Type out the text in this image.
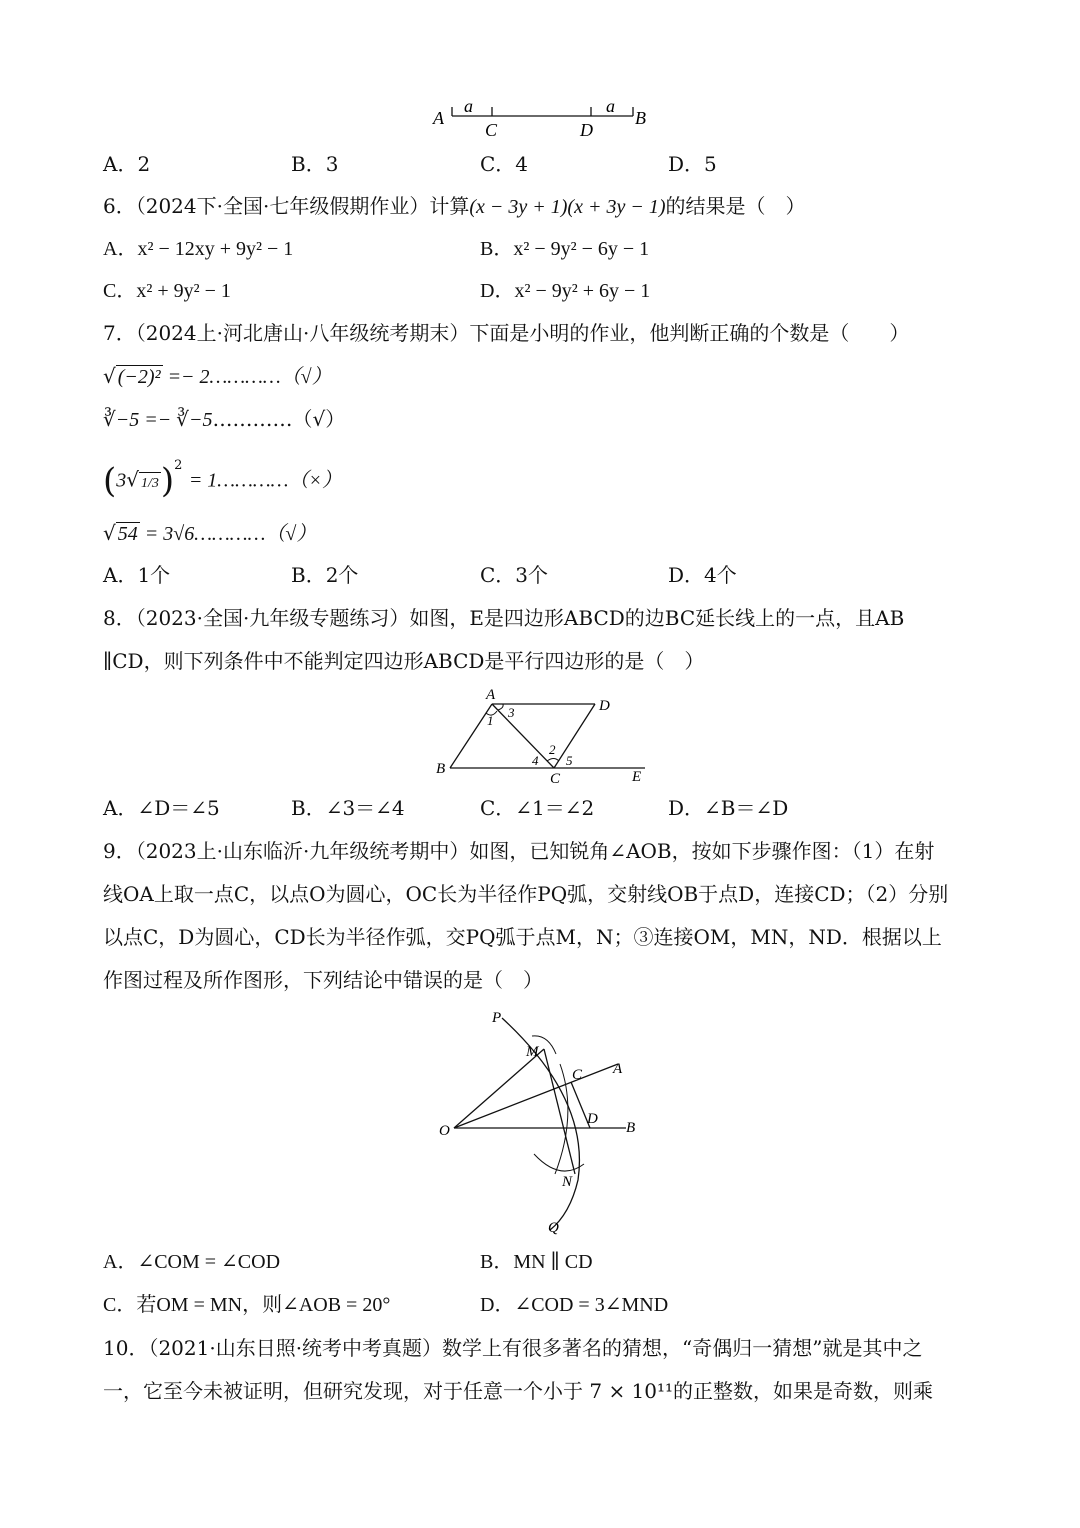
A
a
C	D
a
B
A．2	B．3	C．4	D．5
6．（2024下·全国·七年级假期作业）计算(x − 3y + 1)(x + 3y − 1)的结果是（　）
A．x² − 12xy + 9y² − 1	B．x² − 9y² − 6y − 1
C．x² + 9y² − 1	D．x² − 9y² + 6y − 1
7．（2024上·河北唐山·八年级统考期末）下面是小明的作业，他判断正确的个数是（　　）
√ (−2)² =− 2…………（√）
∛−5 =− ∛−5…………（√）
(3√ 1/3)$^2$ = 1…………（×）
√ 54 = 3√6…………（√）
A．1个	B．2个	C．3个	D．4个
8．（2023·全国·九年级专题练习）如图，E是四边形ABCD的边BC延长线上的一点，且AB
∥CD，则下列条件中不能判定四边形ABCD是平行四边形的是（　）
A
D
B
C	E
1
3
2
4 5
A．∠D＝∠5	B．∠3＝∠4	C．∠1＝∠2	D．∠B＝∠D
9．（2023上·山东临沂·九年级统考期中）如图，已知锐角∠AOB，按如下步骤作图：（1）在射
线OA上取一点C，以点O为圆心，OC长为半径作PQ弧，交射线OB于点D，连接CD；（2）分别
以点C，D为圆心，CD长为半径作弧，交PQ弧于点M，N；③连接OM，MN，ND．根据以上
作图过程及所作图形，下列结论中错误的是（　）
P
M
C A
O
D
B
N
Q
A．∠COM = ∠COD	B．MN ∥ CD
C．若OM = MN，则∠AOB = 20°	D．∠COD = 3∠MND
10．（2021·山东日照·统考中考真题）数学上有很多著名的猜想，“奇偶归一猜想”就是其中之
一，它至今未被证明，但研究发现，对于任意一个小于 7 × 10¹¹的正整数，如果是奇数，则乘
